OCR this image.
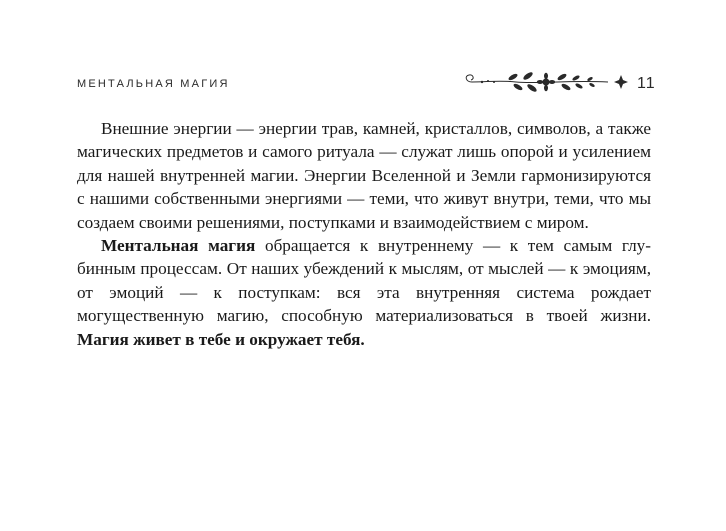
МЕНТАЛЬНАЯ МАГИЯ	11

Внешние энергии — энергии трав, камней, кристаллов, символов, а также магических предметов и самого ритуала — служат лишь опорой и усилением для нашей внутренней магии. Энергии Вселенной и Земли гармонизируются с нашими собственными энергиями — теми, что живут внутри, теми, что мы создаем своими решениями, поступками и взаимодействием с миром.

Ментальная магия обращается к внутреннему — к тем самым глубинным процессам. От наших убеждений к мыслям, от мыслей — к эмоциям, от эмоций — к поступкам: вся эта внутренняя система рождает могущественную магию, способную материализоваться в твоей жизни. Магия живет в тебе и окружает тебя.
